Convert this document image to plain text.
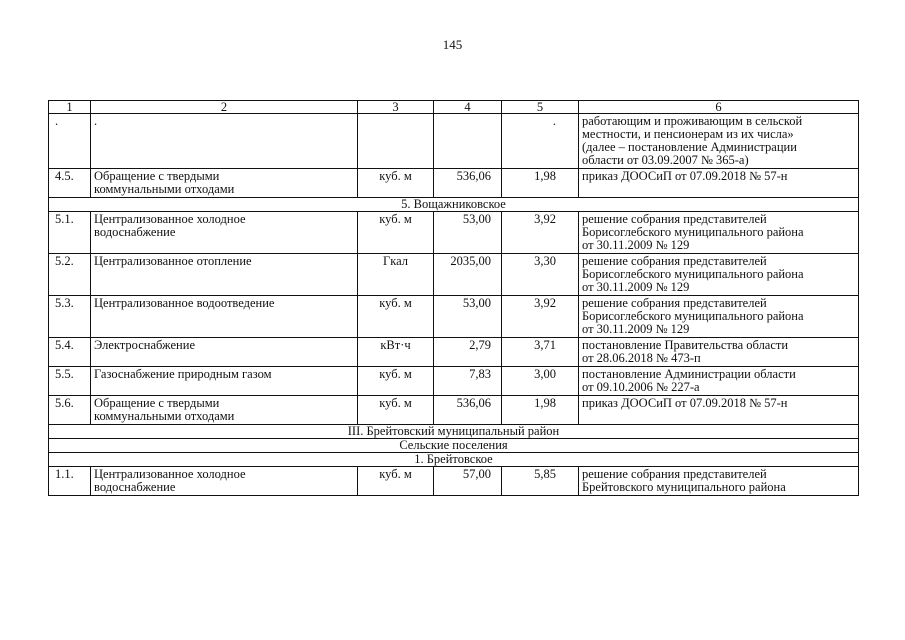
145
1	2	3	4	5	6
.	.			.	работающим и проживающим в сельской
местности, и пенсионерам из их числа»
(далее – постановление Администрации
области от 03.09.2007 № 365-а)
4.5.	Обращение с твердыми
коммунальными отходами	куб. м	536,06	1,98	приказ ДООСиП от 07.09.2018 № 57-н
5. Вощажниковское					
5.1.	Централизованное холодное
водоснабжение	куб. м	53,00	3,92	решение собрания представителей
Борисоглебского муниципального района
от 30.11.2009 № 129
5.2.	Централизованное отопление	Гкал	2035,00	3,30	решение собрания представителей
Борисоглебского муниципального района
от 30.11.2009 № 129
5.3.	Централизованное водоотведение	куб. м	53,00	3,92	решение собрания представителей
Борисоглебского муниципального района
от 30.11.2009 № 129
5.4.	Электроснабжение	кВт·ч	2,79	3,71	постановление Правительства области
от 28.06.2018 № 473-п
5.5.	Газоснабжение природным газом	куб. м	7,83	3,00	постановление Администрации области
от 09.10.2006 № 227-а
5.6.	Обращение с твердыми
коммунальными отходами	куб. м	536,06	1,98	приказ ДООСиП от 07.09.2018 № 57-н
III. Брейтовский муниципальный район					
Сельские поселения					
1. Брейтовское					
1.1.	Централизованное холодное
водоснабжение	куб. м	57,00	5,85	решение собрания представителей
Брейтовского муниципального района
